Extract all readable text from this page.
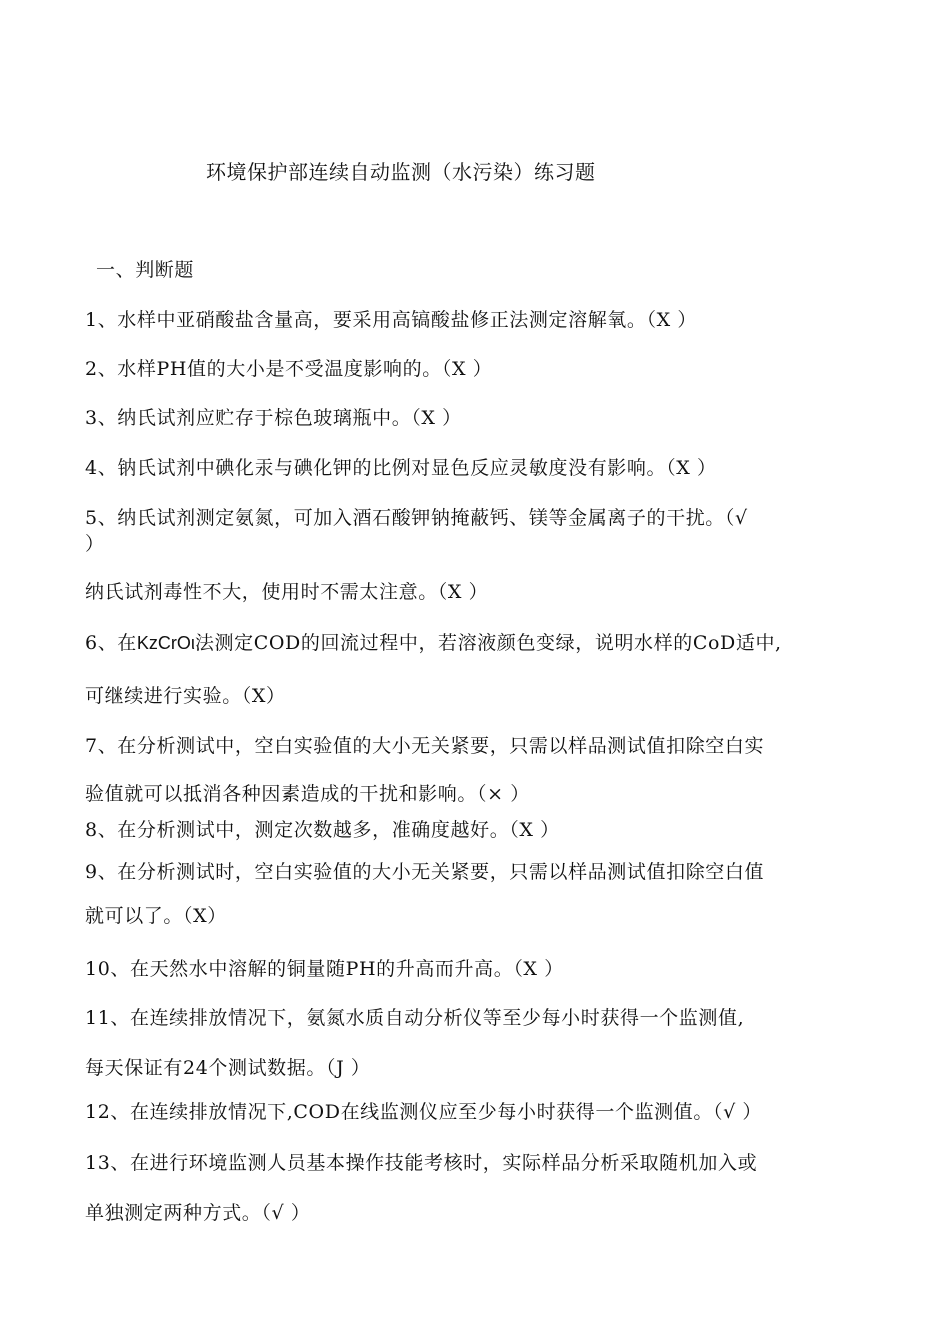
环境保护部连续自动监测（水污染）练习题
一、判断题
1、水样中亚硝酸盐含量高，要采用高镐酸盐修正法测定溶解氧。（X ）
2、水样PH值的大小是不受温度影响的。（X ）
3、纳氏试剂应贮存于棕色玻璃瓶中。（X ）
4、钠氏试剂中碘化汞与碘化钾的比例对显色反应灵敏度没有影响。（X ）
5、纳氏试剂测定氨氮，可加入酒石酸钾钠掩蔽钙、镁等金属离子的干扰。（√
）
纳氏试剂毒性不大，使用时不需太注意。（X ）
6、在KzCrOι法测定COD的回流过程中，若溶液颜色变绿，说明水样的CoD适中,
可继续进行实验。（X）
7、在分析测试中，空白实验值的大小无关紧要，只需以样品测试值扣除空白实
验值就可以抵消各种因素造成的干扰和影响。（× ）
8、在分析测试中，测定次数越多，准确度越好。（X ）
9、在分析测试时，空白实验值的大小无关紧要，只需以样品测试值扣除空白值
就可以了。（X）
10、在天然水中溶解的铜量随PH的升高而升高。（X ）
11、在连续排放情况下，氨氮水质自动分析仪等至少每小时获得一个监测值,
每天保证有24个测试数据。（J ）
12、在连续排放情况下,COD在线监测仪应至少每小时获得一个监测值。（√ ）
13、在进行环境监测人员基本操作技能考核时，实际样品分析采取随机加入或
单独测定两种方式。（√ ）
